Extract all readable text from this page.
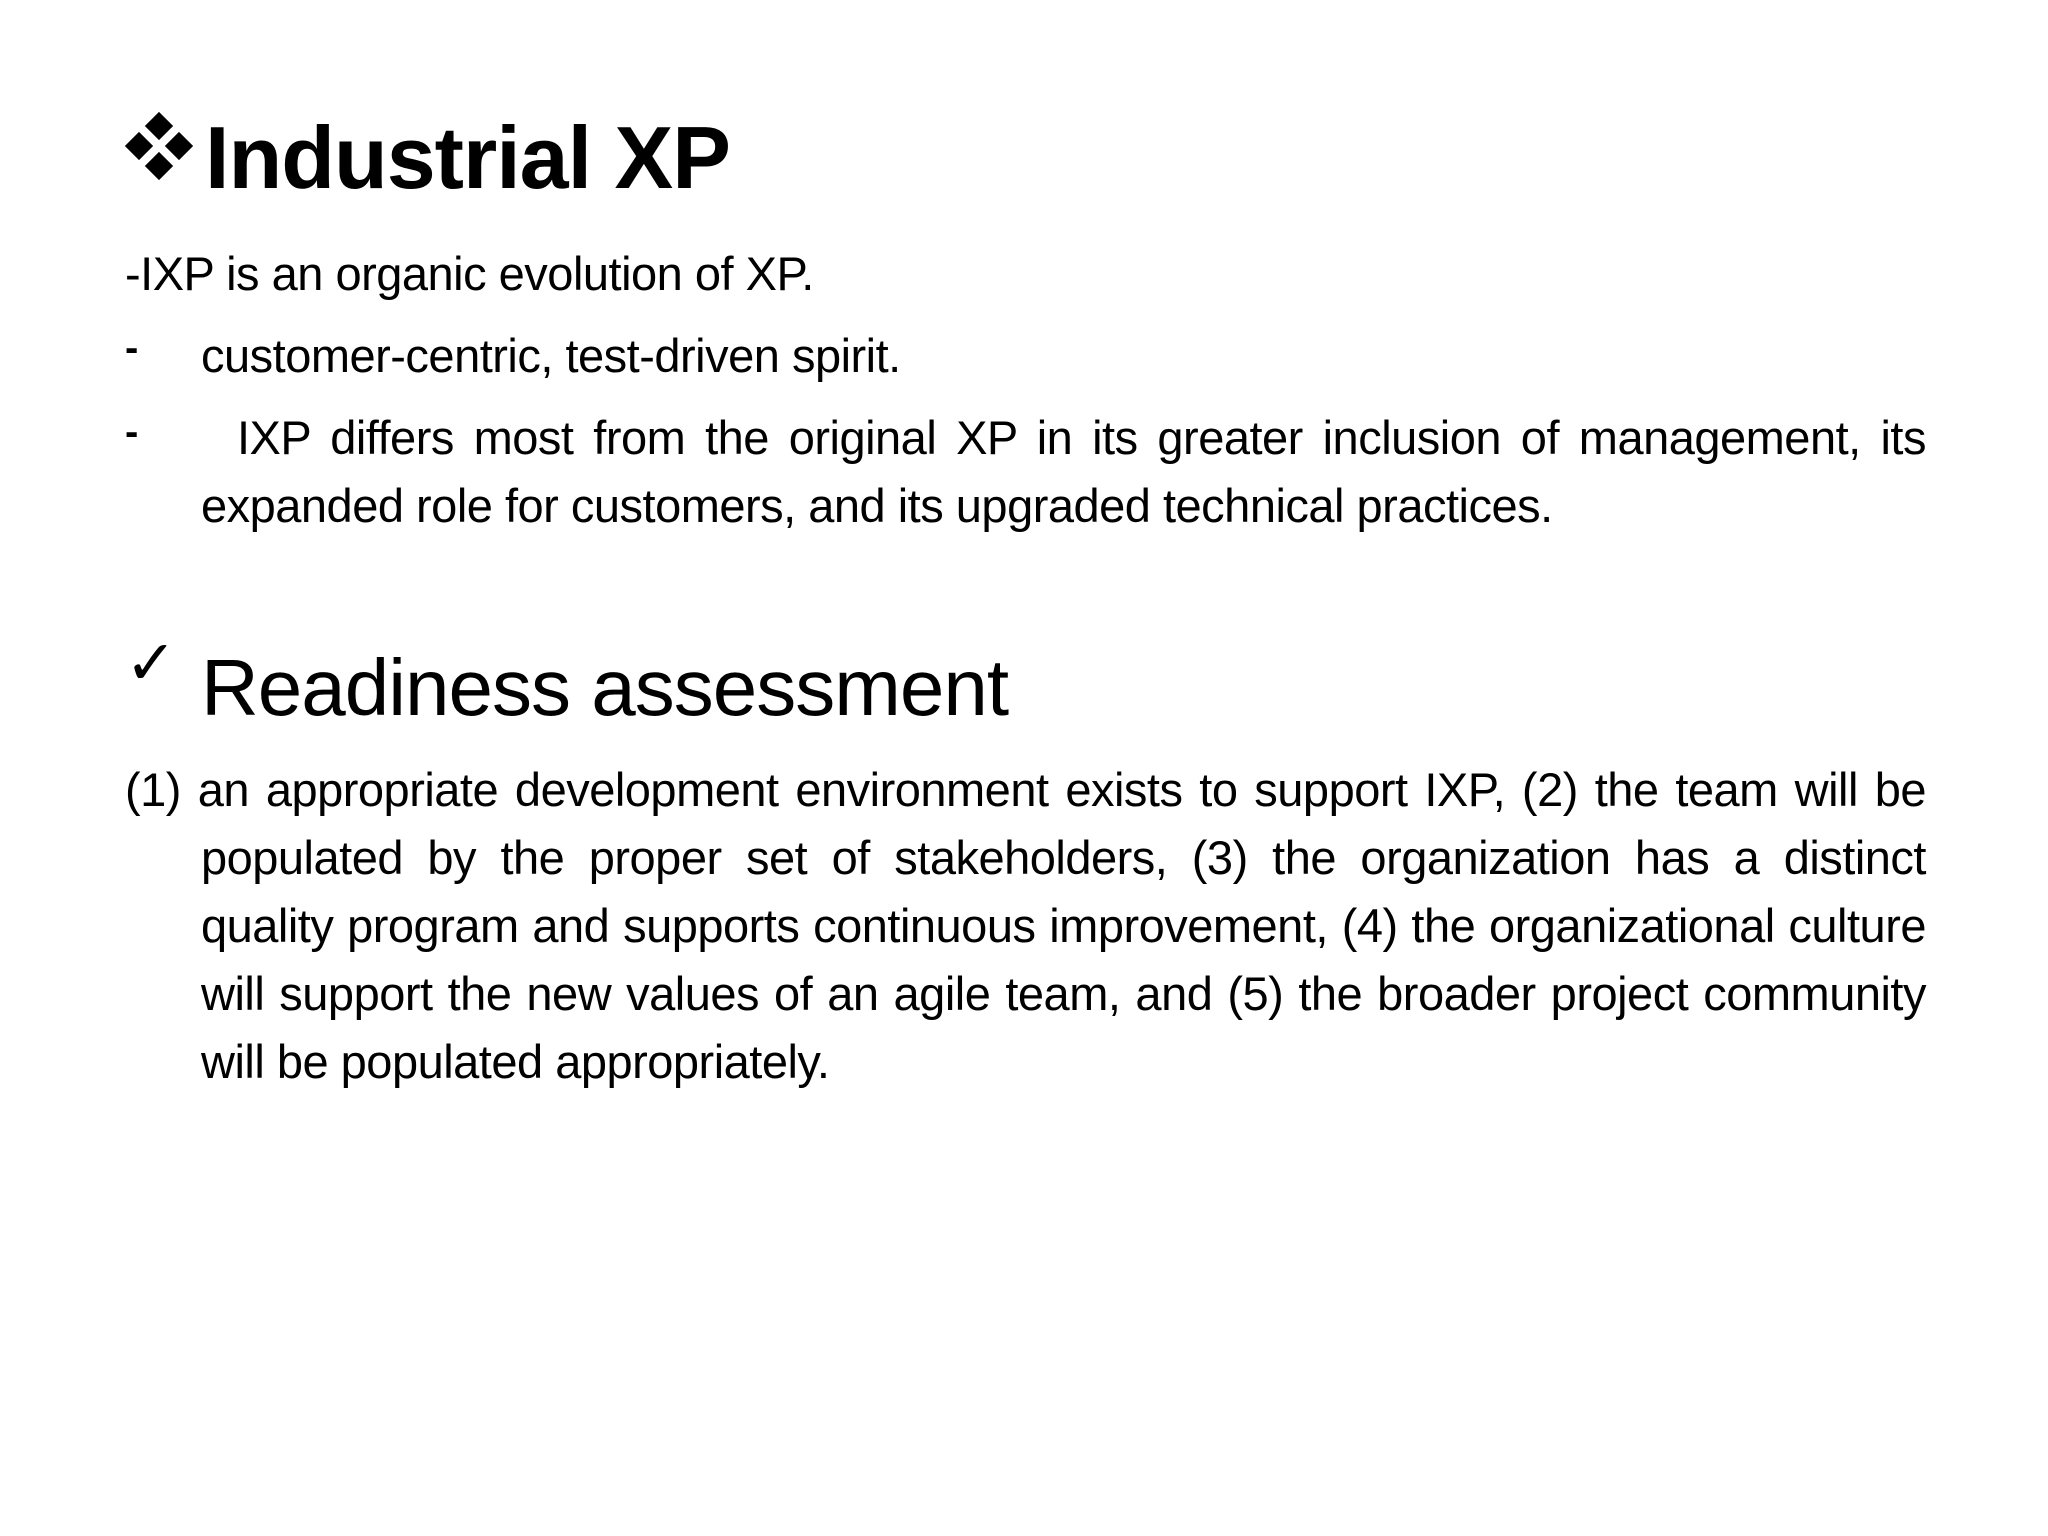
Industrial XP
-IXP is an organic evolution of XP.
- customer-centric, test-driven spirit.
-	IXP differs most from the original XP in its greater inclusion of management, its expanded role for customers, and its upgraded technical practices.
✓ Readiness assessment
(1) an appropriate development environment exists to support IXP, (2) the team will be populated by the proper set of stakeholders, (3) the organization has a distinct quality program and supports continuous improvement, (4) the organizational culture will support the new values of an agile team, and (5) the broader project community will be populated appropriately.
